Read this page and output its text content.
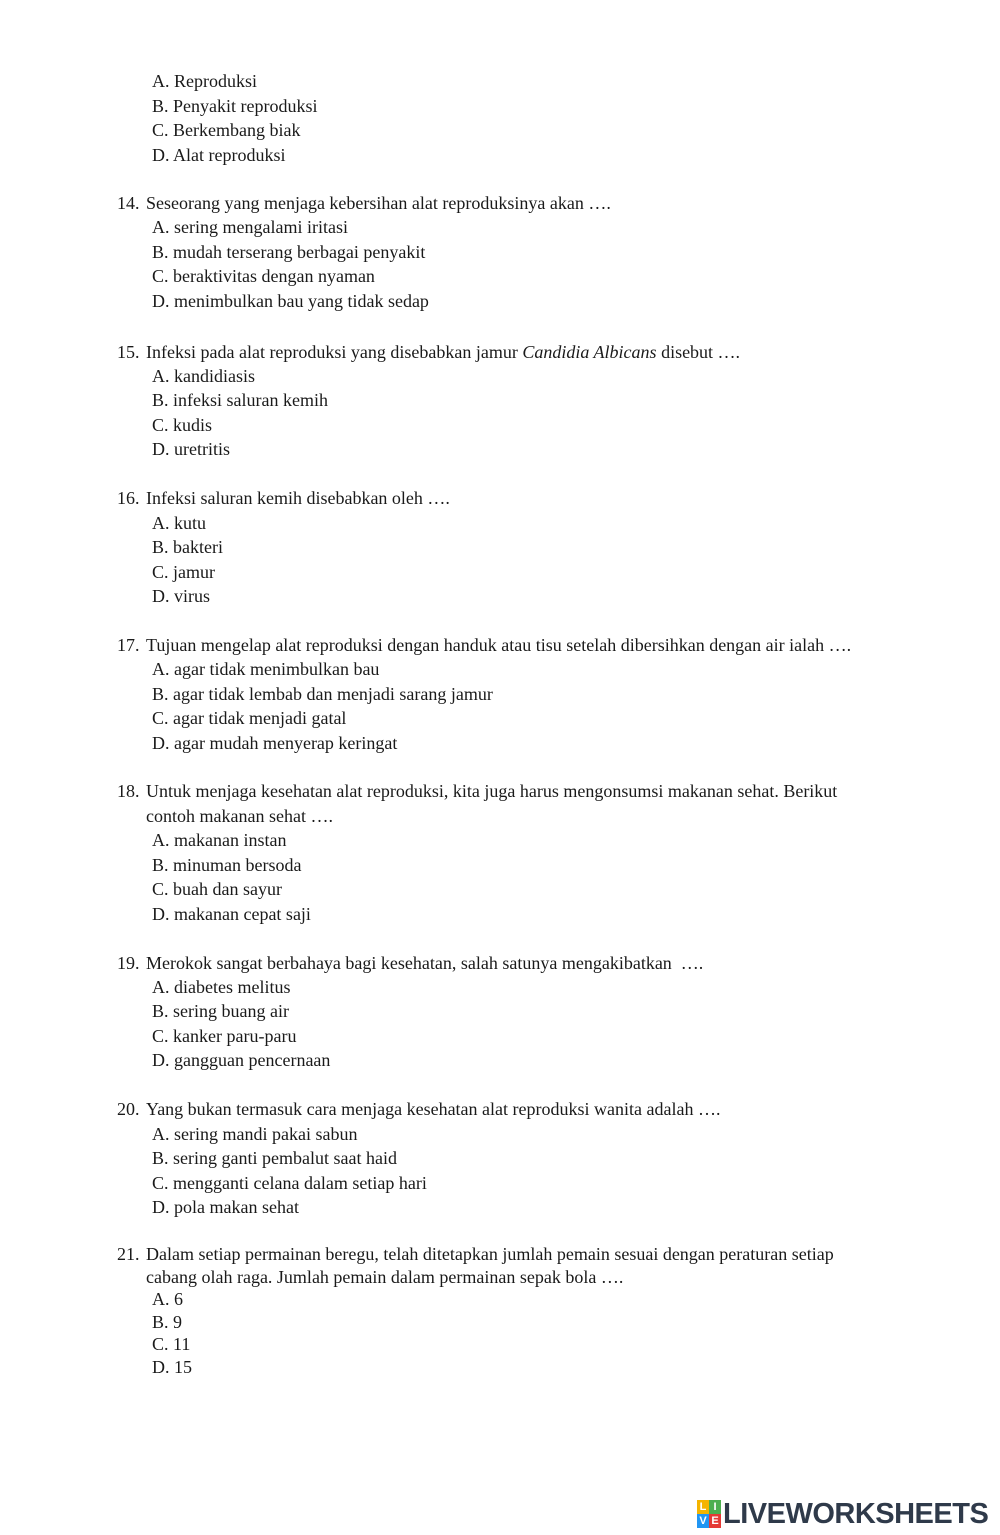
A. Reproduksi
B. Penyakit reproduksi
C. Berkembang biak
D. Alat reproduksi
14. Seseorang yang menjaga kebersihan alat reproduksinya akan ….
A. sering mengalami iritasi
B. mudah terserang berbagai penyakit
C. beraktivitas dengan nyaman
D. menimbulkan bau yang tidak sedap
15. Infeksi pada alat reproduksi yang disebabkan jamur Candidia Albicans disebut ….
A. kandidiasis
B. infeksi saluran kemih
C. kudis
D. uretritis
16. Infeksi saluran kemih disebabkan oleh ….
A. kutu
B. bakteri
C. jamur
D. virus
17. Tujuan mengelap alat reproduksi dengan handuk atau tisu setelah dibersihkan dengan air ialah ….
A. agar tidak menimbulkan bau
B. agar tidak lembab dan menjadi sarang jamur
C. agar tidak menjadi gatal
D. agar mudah menyerap keringat
18. Untuk menjaga kesehatan alat reproduksi, kita juga harus mengonsumsi makanan sehat. Berikut
contoh makanan sehat ….
A. makanan instan
B. minuman bersoda
C. buah dan sayur
D. makanan cepat saji
19. Merokok sangat berbahaya bagi kesehatan, salah satunya mengakibatkan  ….
A. diabetes melitus
B. sering buang air
C. kanker paru-paru
D. gangguan pencernaan
20. Yang bukan termasuk cara menjaga kesehatan alat reproduksi wanita adalah ….
A. sering mandi pakai sabun
B. sering ganti pembalut saat haid
C. mengganti celana dalam setiap hari
D. pola makan sehat
21. Dalam setiap permainan beregu, telah ditetapkan jumlah pemain sesuai dengan peraturan setiap
cabang olah raga. Jumlah pemain dalam permainan sepak bola ….
A. 6
B. 9
C. 11
D. 15
L I
V E LIVEWORKSHEETS
